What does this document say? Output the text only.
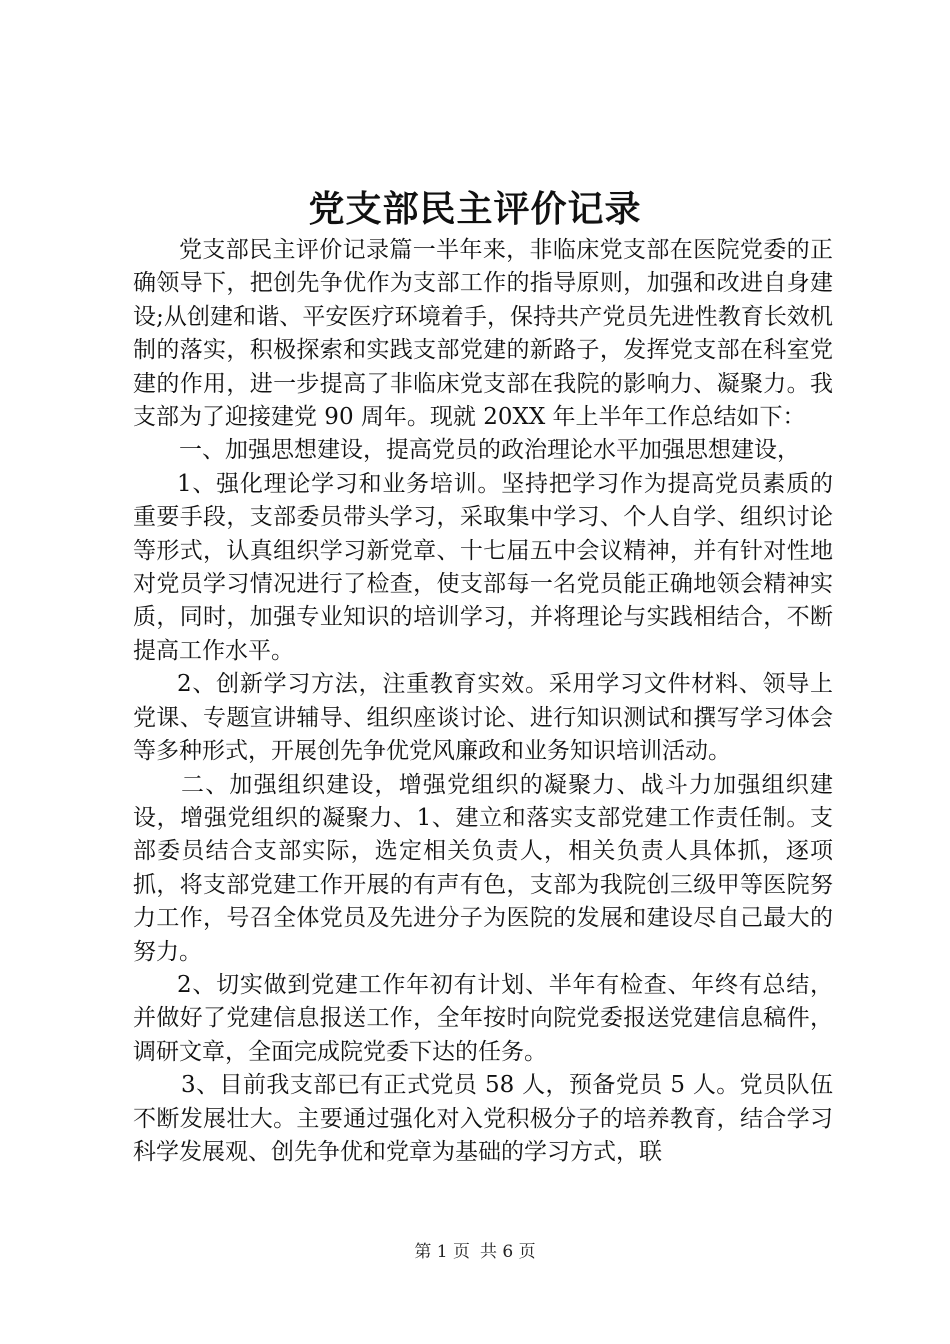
党支部民主评价记录

党支部民主评价记录篇一半年来，非临床党支部在医院党委的正确领导下，把创先争优作为支部工作的指导原则，加强和改进自身建设;从创建和谐、平安医疗环境着手，保持共产党员先进性教育长效机制的落实，积极探索和实践支部党建的新路子，发挥党支部在科室党建的作用，进一步提高了非临床党支部在我院的影响力、凝聚力。我支部为了迎接建党 90 周年。现就 20XX 年上半年工作总结如下：

一、加强思想建设，提高党员的政治理论水平加强思想建设，

1、强化理论学习和业务培训。坚持把学习作为提高党员素质的重要手段，支部委员带头学习，采取集中学习、个人自学、组织讨论等形式，认真组织学习新党章、十七届五中会议精神，并有针对性地对党员学习情况进行了检查，使支部每一名党员能正确地领会精神实质，同时，加强专业知识的培训学习，并将理论与实践相结合，不断提高工作水平。

2、创新学习方法，注重教育实效。采用学习文件材料、领导上党课、专题宣讲辅导、组织座谈讨论、进行知识测试和撰写学习体会等多种形式，开展创先争优党风廉政和业务知识培训活动。

二、加强组织建设，增强党组织的凝聚力、战斗力加强组织建设，增强党组织的凝聚力、1、建立和落实支部党建工作责任制。支部委员结合支部实际，选定相关负责人，相关负责人具体抓，逐项抓，将支部党建工作开展的有声有色，支部为我院创三级甲等医院努力工作，号召全体党员及先进分子为医院的发展和建设尽自己最大的努力。

2、切实做到党建工作年初有计划、半年有检查、年终有总结，并做好了党建信息报送工作，全年按时向院党委报送党建信息稿件，调研文章，全面完成院党委下达的任务。

3、目前我支部已有正式党员 58 人，预备党员 5 人。党员队伍不断发展壮大。主要通过强化对入党积极分子的培养教育，结合学习科学发展观、创先争优和党章为基础的学习方式，联

第 1 页 共 6 页
